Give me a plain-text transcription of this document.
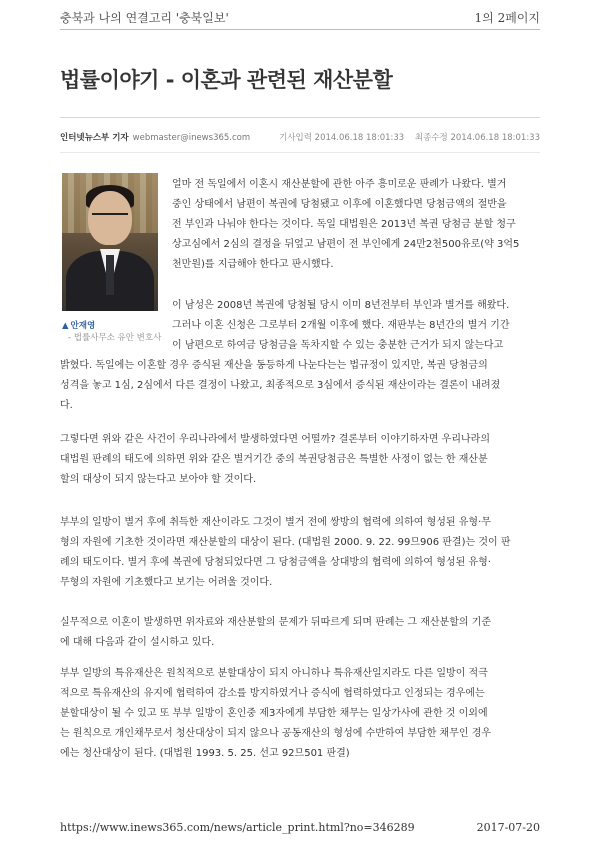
충북과 나의 연결고리 '충북일보'	1의 2페이지
법률이야기 - 이혼과 관련된 재산분할
인터넷뉴스부 기자 webmaster@inews365.com	기사입력 2014.06.18 18:01:33 최종수정 2014.06.18 18:01:33
▲ 안재영
- 법률사무소 유안 변호사
얼마 전 독일에서 이혼시 재산분할에 관한 아주 흥미로운 판례가 나왔다. 별거
중인 상태에서 남편이 복권에 당첨됐고 이후에 이혼했다면 당첨금액의 절반을
전 부인과 나눠야 한다는 것이다. 독일 대법원은 2013년 복권 당첨금 분할 청구
상고심에서 2심의 결정을 뒤엎고 남편이 전 부인에게 24만2천500유로(약 3억5
천만원)를 지급해야 한다고 판시했다.
이 남성은 2008년 복권에 당첨될 당시 이미 8년전부터 부인과 별거를 해왔다.
그러나 이혼 신청은 그로부터 2개월 이후에 했다. 재판부는 8년간의 별거 기간
이 남편으로 하여금 당첨금을 독차지할 수 있는 충분한 근거가 되지 않는다고
밝혔다. 독일에는 이혼할 경우 증식된 재산을 동등하게 나눈다는는 법규정이 있지만, 복권 당첨금의
성격을 놓고 1심, 2심에서 다른 결정이 나왔고, 최종적으로 3심에서 증식된 재산이라는 결론이 내려졌
다.
그렇다면 위와 같은 사건이 우리나라에서 발생하였다면 어떨까? 결론부터 이야기하자면 우리나라의
대법원 판례의 태도에 의하면 위와 같은 별거기간 중의 복권당첨금은 특별한 사정이 없는 한 재산분
할의 대상이 되지 않는다고 보아야 할 것이다.
부부의 일방이 별거 후에 취득한 재산이라도 그것이 별거 전에 쌍방의 협력에 의하여 형성된 유형·무
형의 자원에 기초한 것이라면 재산분할의 대상이 된다. (대법원 2000. 9. 22. 99므906 판결)는 것이 판
례의 태도이다. 별거 후에 복권에 당첨되었다면 그 당첨금액을 상대방의 협력에 의하여 형성된 유형·
무형의 자원에 기초했다고 보기는 어려울 것이다.
실무적으로 이혼이 발생하면 위자료와 재산분할의 문제가 뒤따르게 되며 판례는 그 재산분할의 기준
에 대해 다음과 같이 설시하고 있다.
부부 일방의 특유재산은 원칙적으로 분할대상이 되지 아니하나 특유재산일지라도 다른 일방이 적극
적으로 특유재산의 유지에 협력하여 감소를 방지하였거나 증식에 협력하였다고 인정되는 경우에는
분할대상이 될 수 있고 또 부부 일방이 혼인중 제3자에게 부담한 채무는 일상가사에 관한 것 이외에
는 원칙으로 개인채무로서 청산대상이 되지 않으나 공동재산의 형성에 수반하여 부담한 채무인 경우
에는 청산대상이 된다. (대법원 1993. 5. 25. 선고 92므501 판결)
https://www.inews365.com/news/article_print.html?no=346289	2017-07-20
